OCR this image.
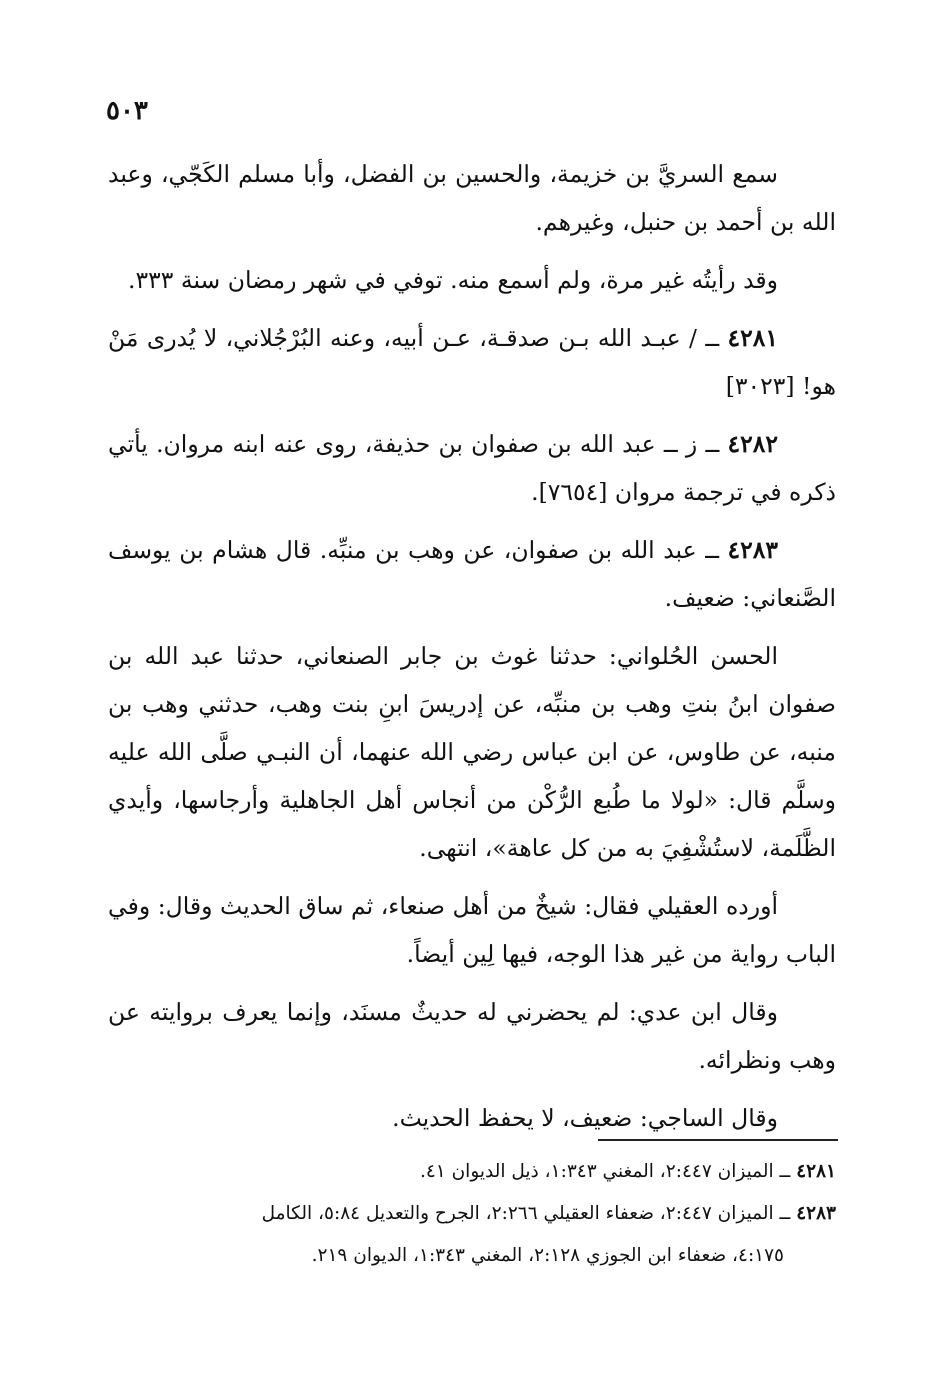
٥٠٣

سمع السريَّ بن خزيمة، والحسين بن الفضل، وأبا مسلم الكَجّي، وعبد الله بن أحمد بن حنبل، وغيرهم.

وقد رأيتُه غير مرة، ولم أسمع منه. توفي في شهر رمضان سنة ٣٣٣.

٤٢٨١ ــ / عبـد الله بـن صدقـة، عـن أبيه، وعنه البُرْجُلاني، لا يُدرى مَنْ هو! [٣٠٢٣]

٤٢٨٢ ــ ز ــ عبد الله بن صفوان بن حذيفة، روى عنه ابنه مروان. يأتي ذكره في ترجمة مروان [٧٦٥٤].

٤٢٨٣ ــ عبد الله بن صفوان، عن وهب بن منبِّه. قال هشام بن يوسف الصَّنعاني: ضعيف.

الحسن الحُلواني: حدثنا غوث بن جابر الصنعاني، حدثنا عبد الله بن صفوان ابنُ بنتِ وهب بن منبِّه، عن إدريسَ ابنِ بنت وهب، حدثني وهب بن منبه، عن طاوس، عن ابن عباس رضي الله عنهما، أن النبـي صلَّى الله عليه وسلَّم قال: «لولا ما طُبع الرُّكْن من أنجاس أهل الجاهلية وأرجاسها، وأيدي الظَّلَمة، لاستُشْفِيَ به من كل عاهة»، انتهى.

أورده العقيلي فقال: شيخٌ من أهل صنعاء، ثم ساق الحديث وقال: وفي الباب رواية من غير هذا الوجه، فيها لِين أيضاً.

وقال ابن عدي: لم يحضرني له حديثٌ مسنَد، وإنما يعرف بروايته عن وهب ونظرائه.

وقال الساجي: ضعيف، لا يحفظ الحديث.

٤٢٨١ ــ الميزان ٢:٤٤٧، المغني ١:٣٤٣، ذيل الديوان ٤١.

٤٢٨٣ ــ الميزان ٢:٤٤٧، ضعفاء العقيلي ٢:٢٦٦، الجرح والتعديل ٥:٨٤، الكامل

٤:١٧٥، ضعفاء ابن الجوزي ٢:١٢٨، المغني ١:٣٤٣، الديوان ٢١٩.
